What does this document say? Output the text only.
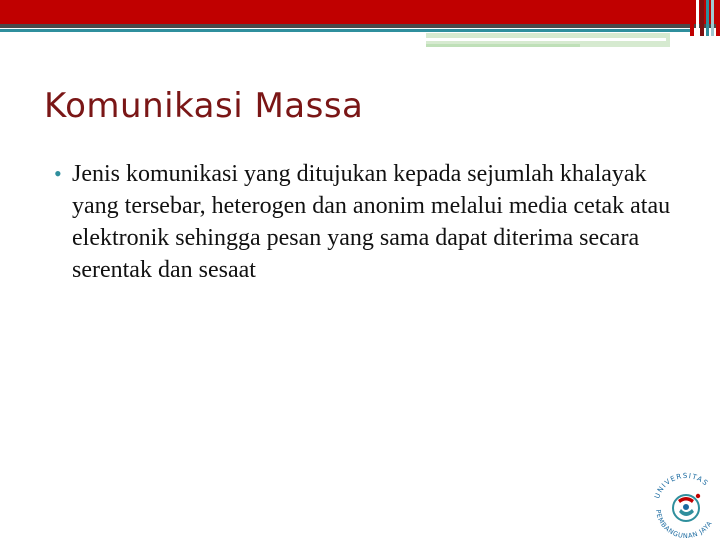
Komunikasi Massa
• Jenis komunikasi yang ditujukan kepada sejumlah khalayak yang tersebar, heterogen dan anonim melalui media cetak atau elektronik sehingga pesan yang sama dapat diterima secara serentak dan sesaat
UNIVERSITAS
PEMBANGUNAN JAYA
